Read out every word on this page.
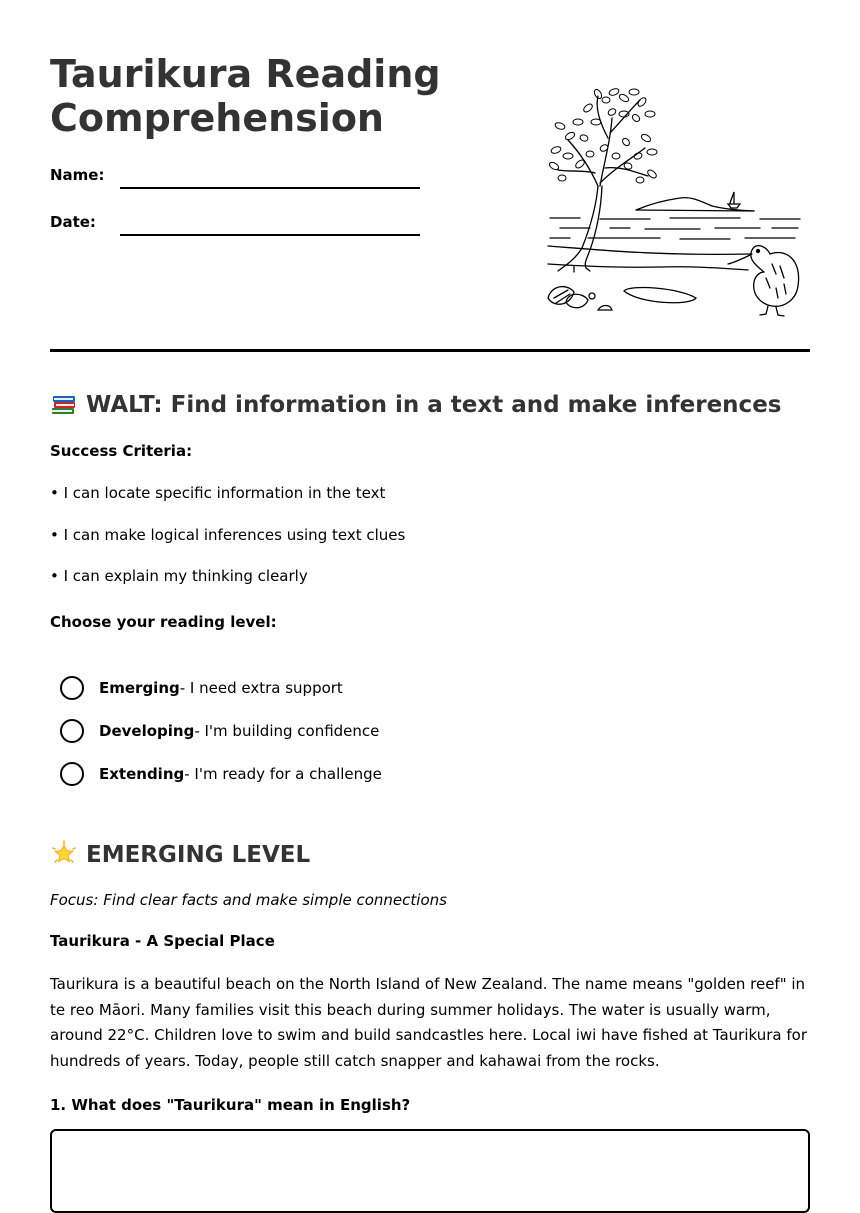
Taurikura Reading
Comprehension
Name:
Date:
WALT: Find information in a text and make inferences
Success Criteria:
• I can locate specific information in the text
• I can make logical inferences using text clues
• I can explain my thinking clearly
Choose your reading level:
Emerging - I need extra support
Developing - I'm building confidence
Extending - I'm ready for a challenge
EMERGING LEVEL
Focus: Find clear facts and make simple connections
Taurikura - A Special Place

Taurikura is a beautiful beach on the North Island of New Zealand. The name means "golden reef" in te reo Māori. Many families visit this beach during summer holidays. The water is usually warm, around 22°C. Children love to swim and build sandcastles here. Local iwi have fished at Taurikura for hundreds of years. Today, people still catch snapper and kahawai from the rocks.

1. What does "Taurikura" mean in English?
